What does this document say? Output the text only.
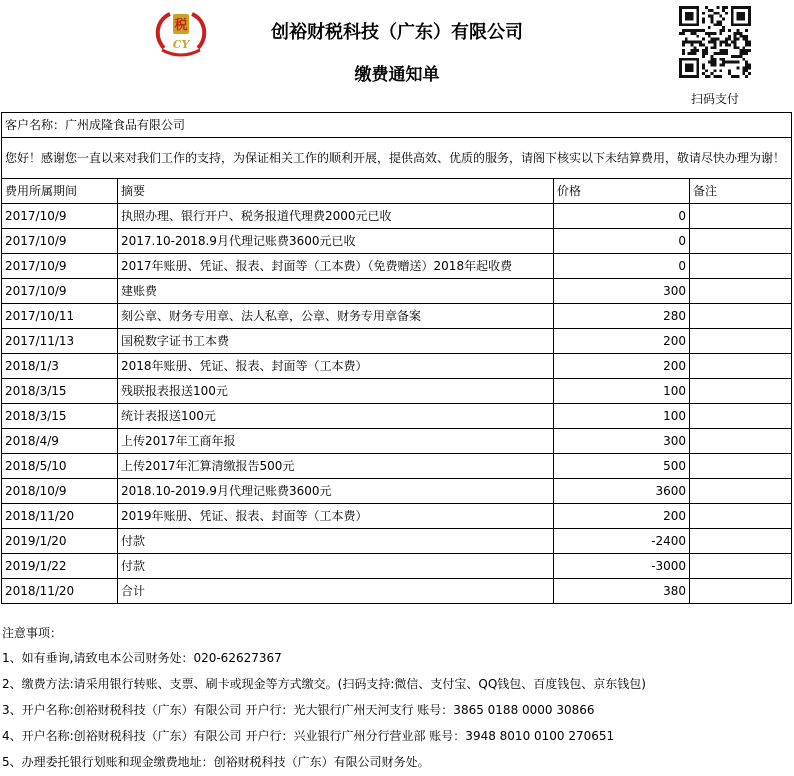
税
CY
创裕财税科技（广东）有限公司
缴费通知单
扫码支付
客户名称：广州成隆食品有限公司			
您好！感谢您一直以来对我们工作的支持，为保证相关工作的顺利开展，提供高效、优质的服务，请阁下核实以下未结算费用，敬请尽快办理为谢！			
费用所属期间	摘要	价格	备注
2017/10/9	执照办理、银行开户、税务报道代理费2000元已收	0	
2017/10/9	2017.10-2018.9月代理记账费3600元已收	0	
2017/10/9	2017年账册、凭证、报表、封面等（工本费）（免费赠送）2018年起收费	0	
2017/10/9	建账费	300	
2017/10/11	刻公章、财务专用章、法人私章，公章、财务专用章备案	280	
2017/11/13	国税数字证书工本费	200	
2018/1/3	2018年账册、凭证、报表、封面等（工本费）	200	
2018/3/15	残联报表报送100元	100	
2018/3/15	统计表报送100元	100	
2018/4/9	上传2017年工商年报	300	
2018/5/10	上传2017年汇算清缴报告500元	500	
2018/10/9	2018.10-2019.9月代理记账费3600元	3600	
2018/11/20	2019年账册、凭证、报表、封面等（工本费）	200	
2019/1/20	付款	-2400	
2019/1/22	付款	-3000	
2018/11/20	合计	380	
注意事项：
1、如有垂询,请致电本公司财务处：020-62627367
2、缴费方法:请采用银行转账、支票、刷卡或现金等方式缴交。(扫码支持:微信、支付宝、QQ钱包、百度钱包、京东钱包)
3、开户名称:创裕财税科技（广东）有限公司 开户行：光大银行广州天河支行 账号：3865 0188 0000 30866
4、开户名称:创裕财税科技（广东）有限公司 开户行：兴业银行广州分行营业部 账号：3948 8010 0100 270651
5、办理委托银行划账和现金缴费地址：创裕财税科技（广东）有限公司财务处。
